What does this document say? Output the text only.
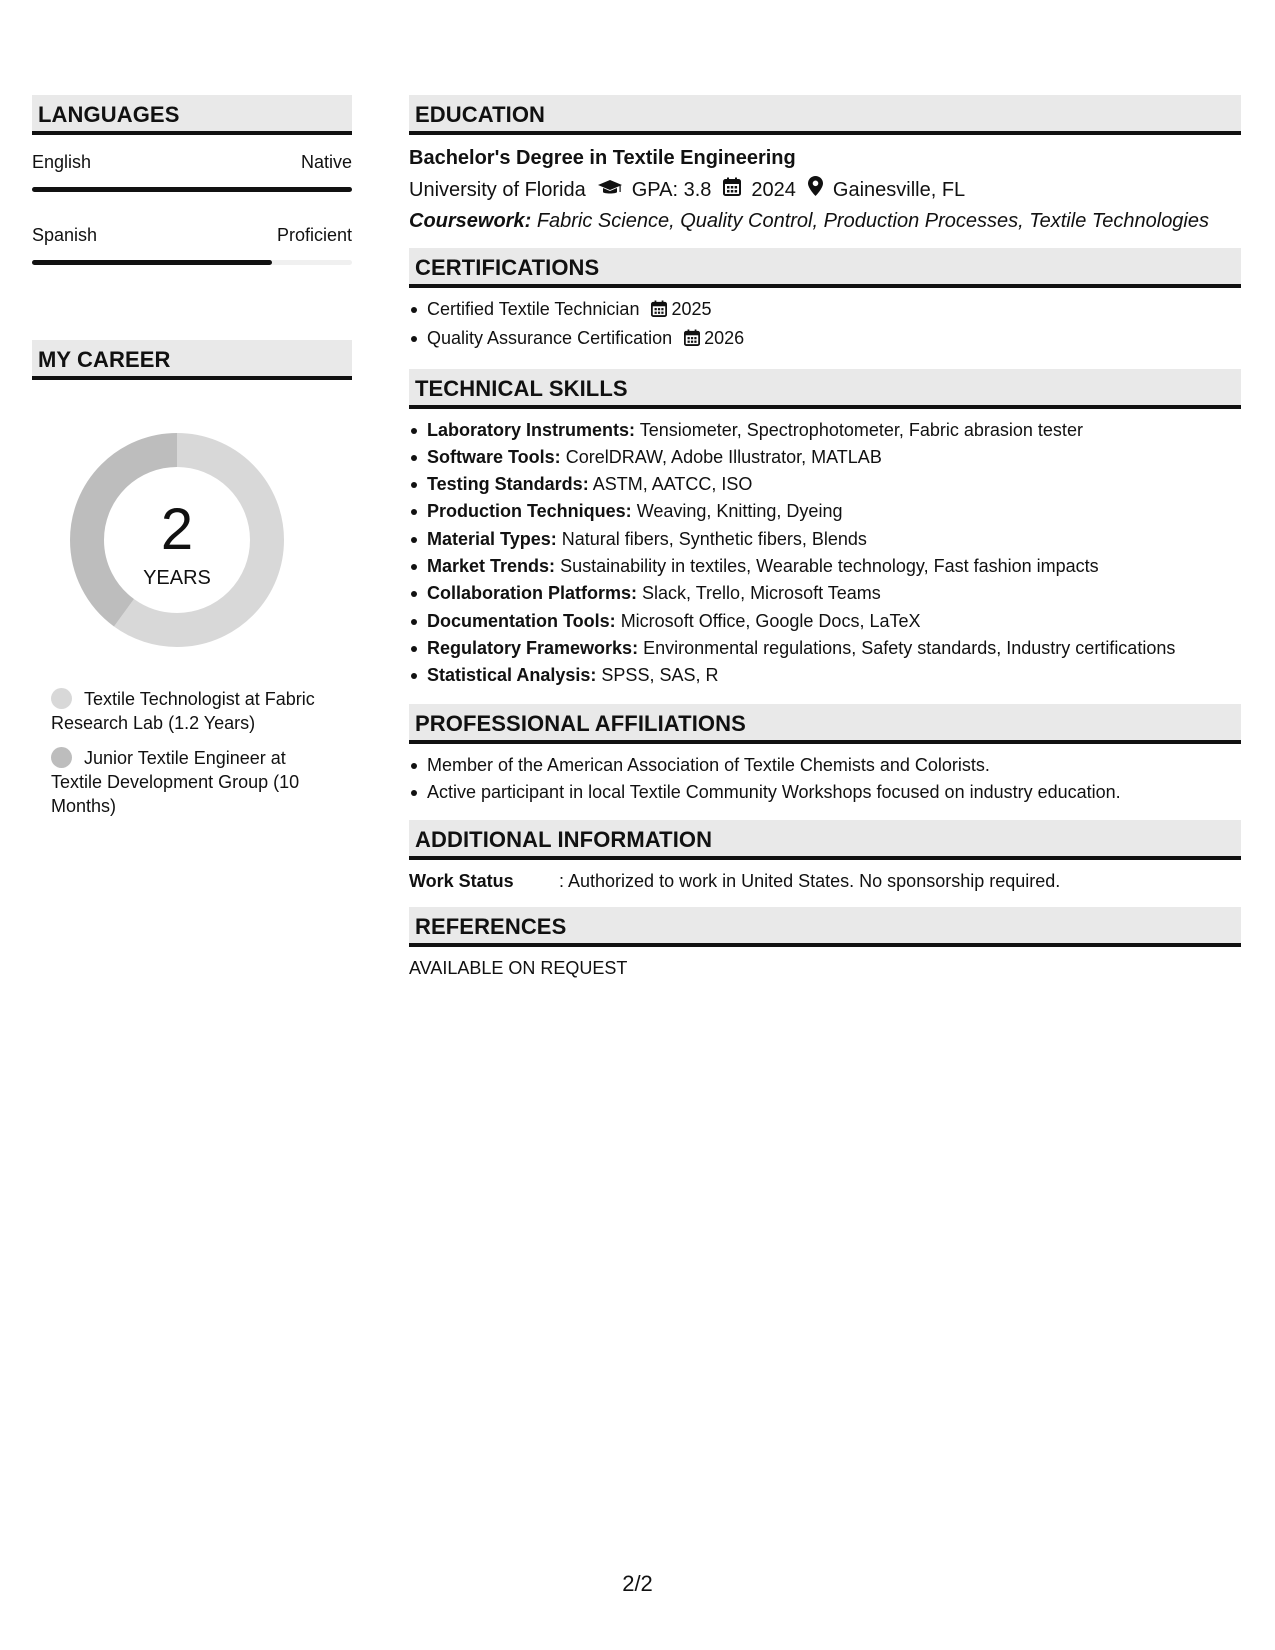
LANGUAGES
English	Native
Spanish	Proficient
MY CAREER
2
YEARS
Textile Technologist at Fabric Research Lab (1.2 Years)
Junior Textile Engineer at Textile Development Group (10 Months)
EDUCATION
Bachelor's Degree in Textile Engineering
University of Florida GPA: 3.8 2024 Gainesville, FL
Coursework: Fabric Science, Quality Control, Production Processes, Textile Technologies
CERTIFICATIONS
Certified Textile Technician 2025
Quality Assurance Certification 2026
TECHNICAL SKILLS
Laboratory Instruments: Tensiometer, Spectrophotometer, Fabric abrasion tester
Software Tools: CorelDRAW, Adobe Illustrator, MATLAB
Testing Standards: ASTM, AATCC, ISO
Production Techniques: Weaving, Knitting, Dyeing
Material Types: Natural fibers, Synthetic fibers, Blends
Market Trends: Sustainability in textiles, Wearable technology, Fast fashion impacts
Collaboration Platforms: Slack, Trello, Microsoft Teams
Documentation Tools: Microsoft Office, Google Docs, LaTeX
Regulatory Frameworks: Environmental regulations, Safety standards, Industry certifications
Statistical Analysis: SPSS, SAS, R
PROFESSIONAL AFFILIATIONS
Member of the American Association of Textile Chemists and Colorists.
Active participant in local Textile Community Workshops focused on industry education.
ADDITIONAL INFORMATION
Work Status	: Authorized to work in United States. No sponsorship required.
REFERENCES
AVAILABLE ON REQUEST
2/2
